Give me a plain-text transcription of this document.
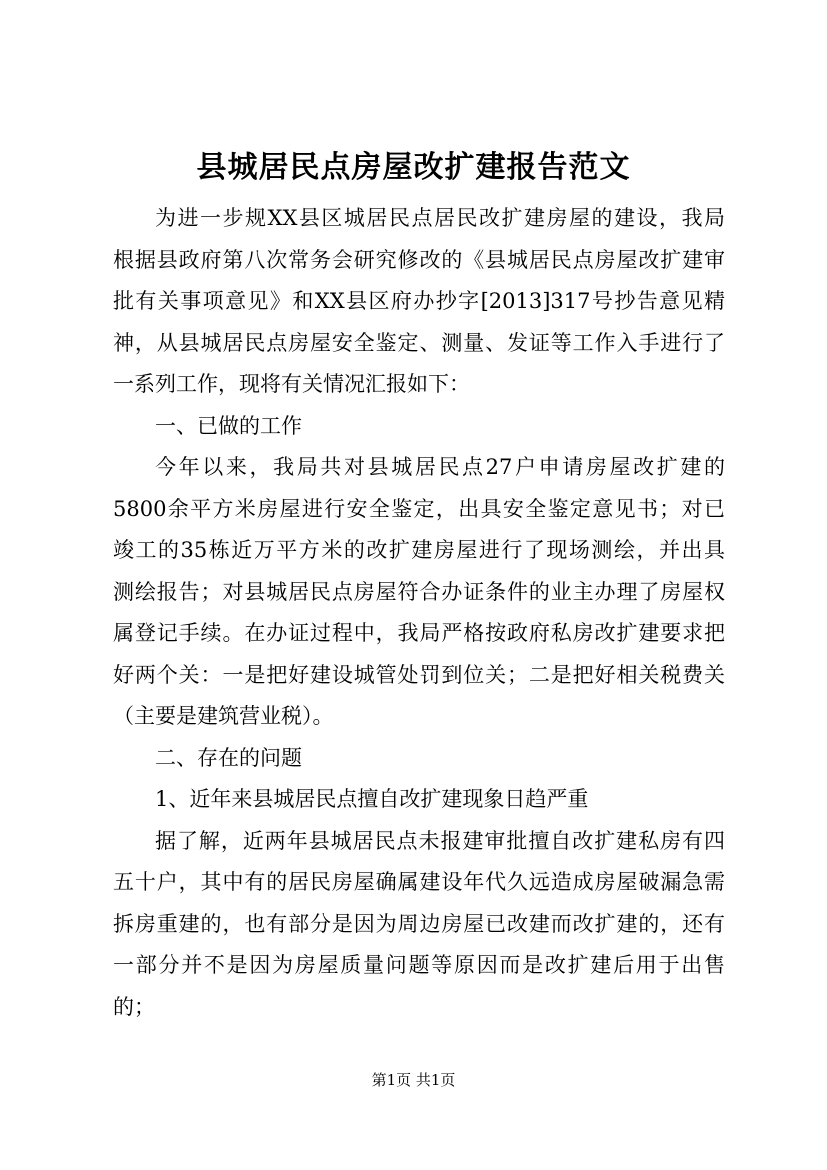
县城居民点房屋改扩建报告范文
为进一步规XX县区城居民点居民改扩建房屋的建设，我局
根据县政府第八次常务会研究修改的《县城居民点房屋改扩建审
批有关事项意见》和XX县区府办抄字[2013]317号抄告意见精
神，从县城居民点房屋安全鉴定、测量、发证等工作入手进行了
一系列工作，现将有关情况汇报如下：
一、已做的工作
今年以来，我局共对县城居民点27户申请房屋改扩建的
5800余平方米房屋进行安全鉴定，出具安全鉴定意见书；对已
竣工的35栋近万平方米的改扩建房屋进行了现场测绘，并出具
测绘报告；对县城居民点房屋符合办证条件的业主办理了房屋权
属登记手续。在办证过程中，我局严格按政府私房改扩建要求把
好两个关：一是把好建设城管处罚到位关；二是把好相关税费关
（主要是建筑营业税）。
二、存在的问题
1、近年来县城居民点擅自改扩建现象日趋严重
据了解，近两年县城居民点未报建审批擅自改扩建私房有四
五十户，其中有的居民房屋确属建设年代久远造成房屋破漏急需
拆房重建的，也有部分是因为周边房屋已改建而改扩建的，还有
一部分并不是因为房屋质量问题等原因而是改扩建后用于出售
的；
第1页 共1页
